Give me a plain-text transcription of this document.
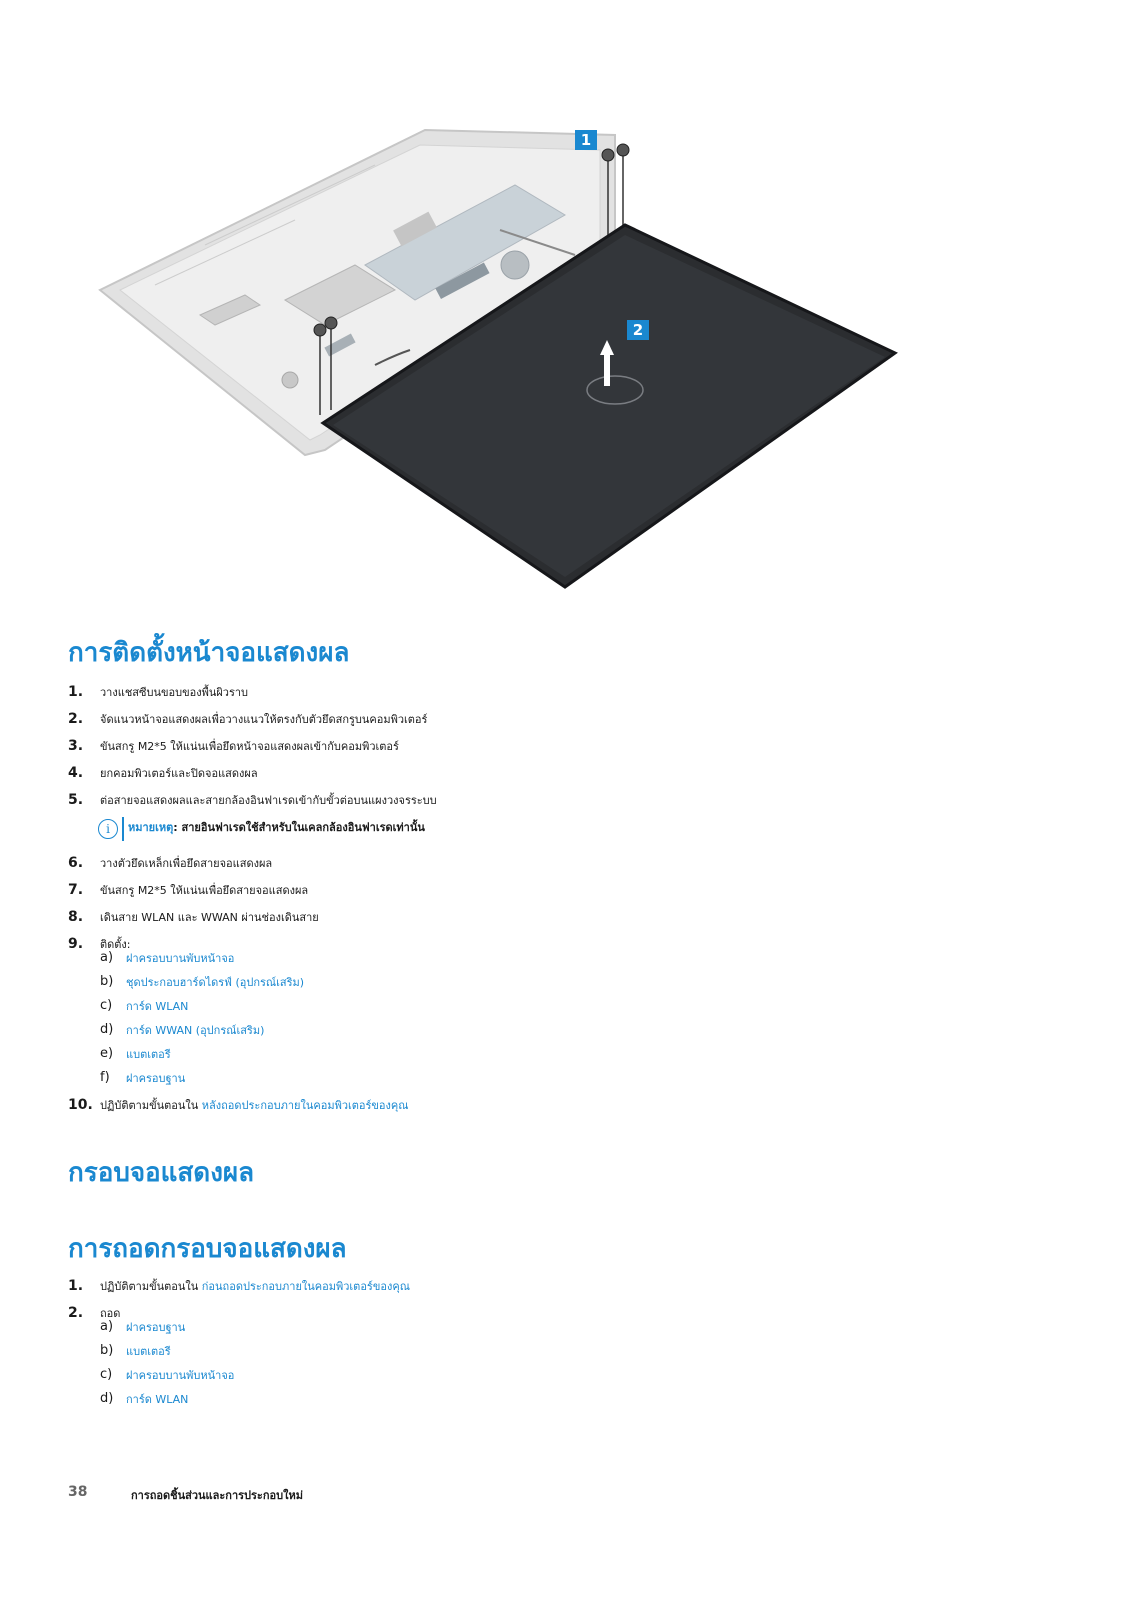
1
2
การติดตั้งหน้าจอแสดงผล
1. วางแชสซีบนขอบของพื้นผิวราบ
2. จัดแนวหน้าจอแสดงผลเพื่อวางแนวให้ตรงกับตัวยึดสกรูบนคอมพิวเตอร์
3. ขันสกรู M2*5 ให้แน่นเพื่อยึดหน้าจอแสดงผลเข้ากับคอมพิวเตอร์
4. ยกคอมพิวเตอร์และปิดจอแสดงผล
5. ต่อสายจอแสดงผลและสายกล้องอินฟาเรดเข้ากับขั้วต่อบนแผงวงจรระบบ
i	หมายเหตุ: สายอินฟาเรดใช้สำหรับในเคลกล้องอินฟาเรดเท่านั้น
6. วางตัวยึดเหล็กเพื่อยึดสายจอแสดงผล
7. ขันสกรู M2*5 ให้แน่นเพื่อยึดสายจอแสดงผล
8. เดินสาย WLAN และ WWAN ผ่านช่องเดินสาย
9. ติดตั้ง:
a) ฝาครอบบานพับหน้าจอ
b) ชุดประกอบฮาร์ดไดรฟ์ (อุปกรณ์เสริม)
c) การ์ด WLAN
d) การ์ด WWAN (อุปกรณ์เสริม)
e) แบตเตอรี
f) ฝาครอบฐาน
10. ปฏิบัติตามขั้นตอนใน หลังถอดประกอบภายในคอมพิวเตอร์ของคุณ
กรอบจอแสดงผล
การถอดกรอบจอแสดงผล
1. ปฏิบัติตามขั้นตอนใน ก่อนถอดประกอบภายในคอมพิวเตอร์ของคุณ
2. ถอด
a) ฝาครอบฐาน
b) แบตเตอรี
c) ฝาครอบบานพับหน้าจอ
d) การ์ด WLAN
38	การถอดชิ้นส่วนและการประกอบใหม่
